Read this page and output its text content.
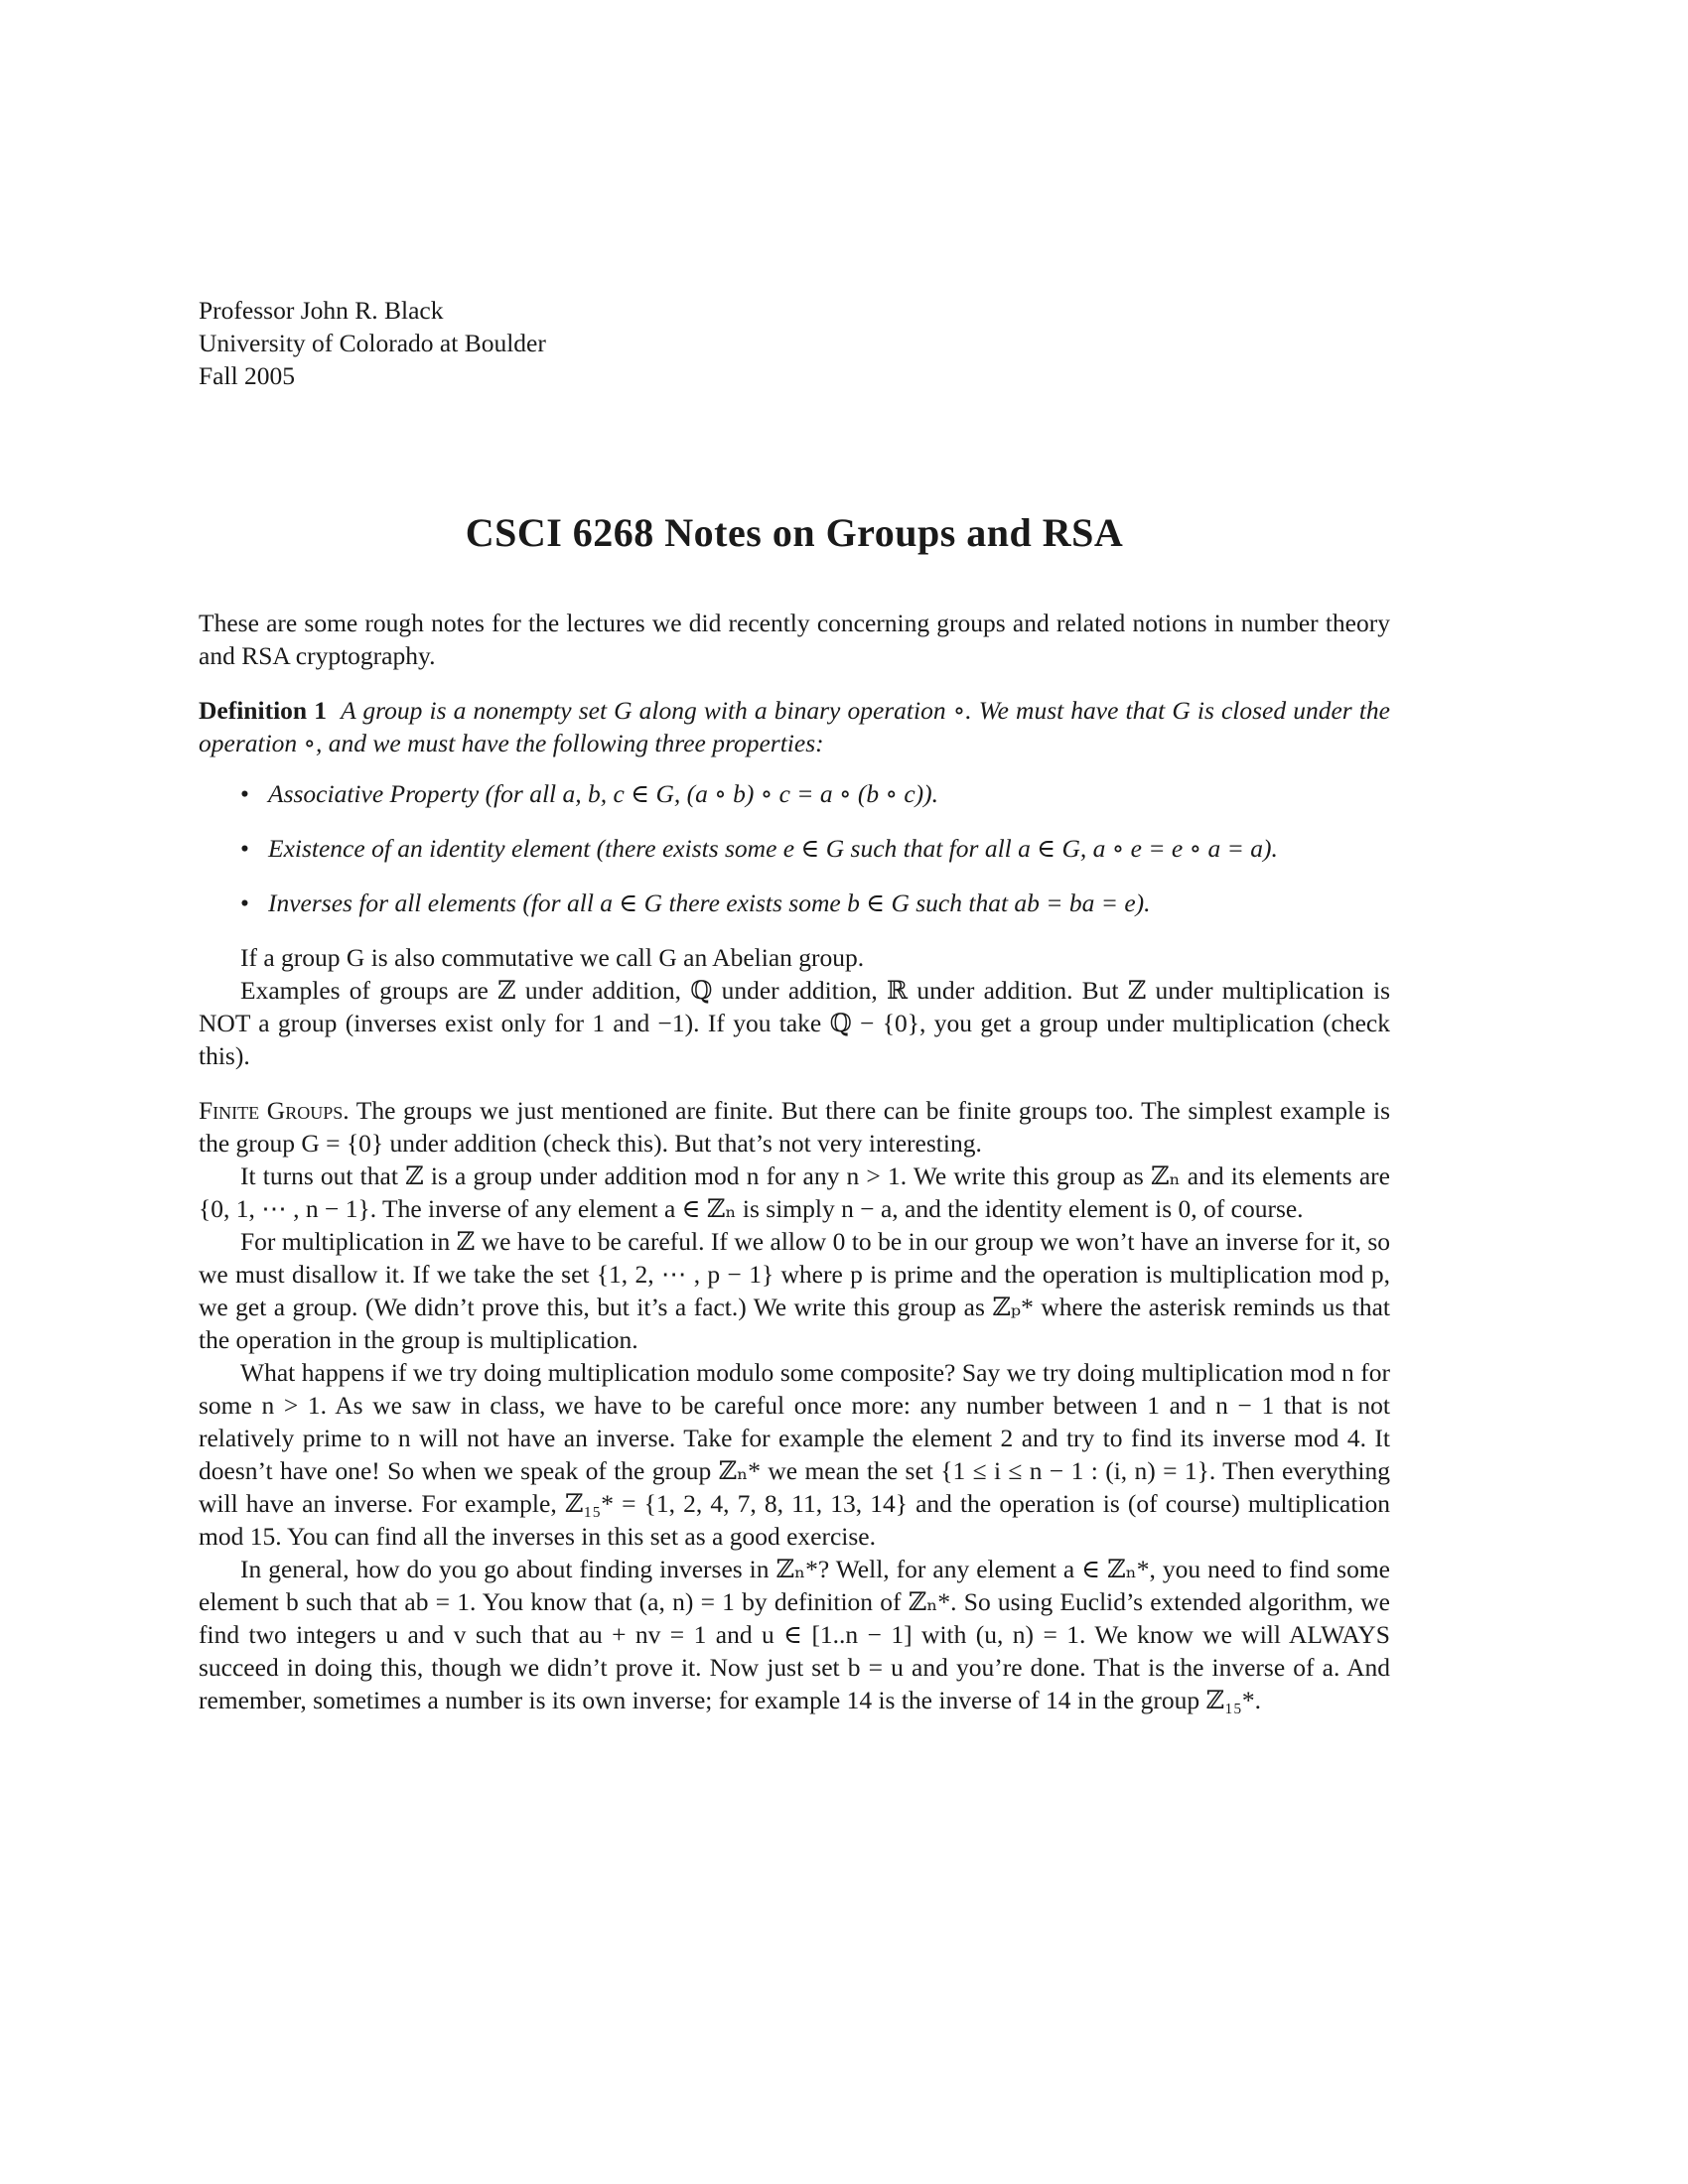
Professor John R. Black
University of Colorado at Boulder
Fall 2005
CSCI 6268 Notes on Groups and RSA

These are some rough notes for the lectures we did recently concerning groups and related notions in number theory and RSA cryptography.

Definition 1 A group is a nonempty set G along with a binary operation ∘. We must have that G is closed under the operation ∘, and we must have the following three properties:

• Associative Property (for all a, b, c ∈ G, (a ∘ b) ∘ c = a ∘ (b ∘ c)).
• Existence of an identity element (there exists some e ∈ G such that for all a ∈ G, a ∘ e = e ∘ a = a).
• Inverses for all elements (for all a ∈ G there exists some b ∈ G such that ab = ba = e).

If a group G is also commutative we call G an Abelian group.

Examples of groups are ℤ under addition, ℚ under addition, ℝ under addition. But ℤ under multiplication is NOT a group (inverses exist only for 1 and −1). If you take ℚ − {0}, you get a group under multiplication (check this).

Finite Groups. The groups we just mentioned are finite. But there can be finite groups too. The simplest example is the group G = {0} under addition (check this). But that’s not very interesting.

It turns out that ℤ is a group under addition mod n for any n > 1. We write this group as ℤₙ and its elements are {0, 1, ⋯ , n − 1}. The inverse of any element a ∈ ℤₙ is simply n − a, and the identity element is 0, of course.

For multiplication in ℤ we have to be careful. If we allow 0 to be in our group we won’t have an inverse for it, so we must disallow it. If we take the set {1, 2, ⋯ , p − 1} where p is prime and the operation is multiplication mod p, we get a group. (We didn’t prove this, but it’s a fact.) We write this group as ℤₚ* where the asterisk reminds us that the operation in the group is multiplication.

What happens if we try doing multiplication modulo some composite? Say we try doing multiplication mod n for some n > 1. As we saw in class, we have to be careful once more: any number between 1 and n − 1 that is not relatively prime to n will not have an inverse. Take for example the element 2 and try to find its inverse mod 4. It doesn’t have one! So when we speak of the group ℤₙ* we mean the set {1 ≤ i ≤ n − 1 : (i, n) = 1}. Then everything will have an inverse. For example, ℤ₁₅* = {1, 2, 4, 7, 8, 11, 13, 14} and the operation is (of course) multiplication mod 15. You can find all the inverses in this set as a good exercise.

In general, how do you go about finding inverses in ℤₙ*? Well, for any element a ∈ ℤₙ*, you need to find some element b such that ab = 1. You know that (a, n) = 1 by definition of ℤₙ*. So using Euclid’s extended algorithm, we find two integers u and v such that au + nv = 1 and u ∈ [1..n − 1] with (u, n) = 1. We know we will ALWAYS succeed in doing this, though we didn’t prove it. Now just set b = u and you’re done. That is the inverse of a. And remember, sometimes a number is its own inverse; for example 14 is the inverse of 14 in the group ℤ₁₅*.
